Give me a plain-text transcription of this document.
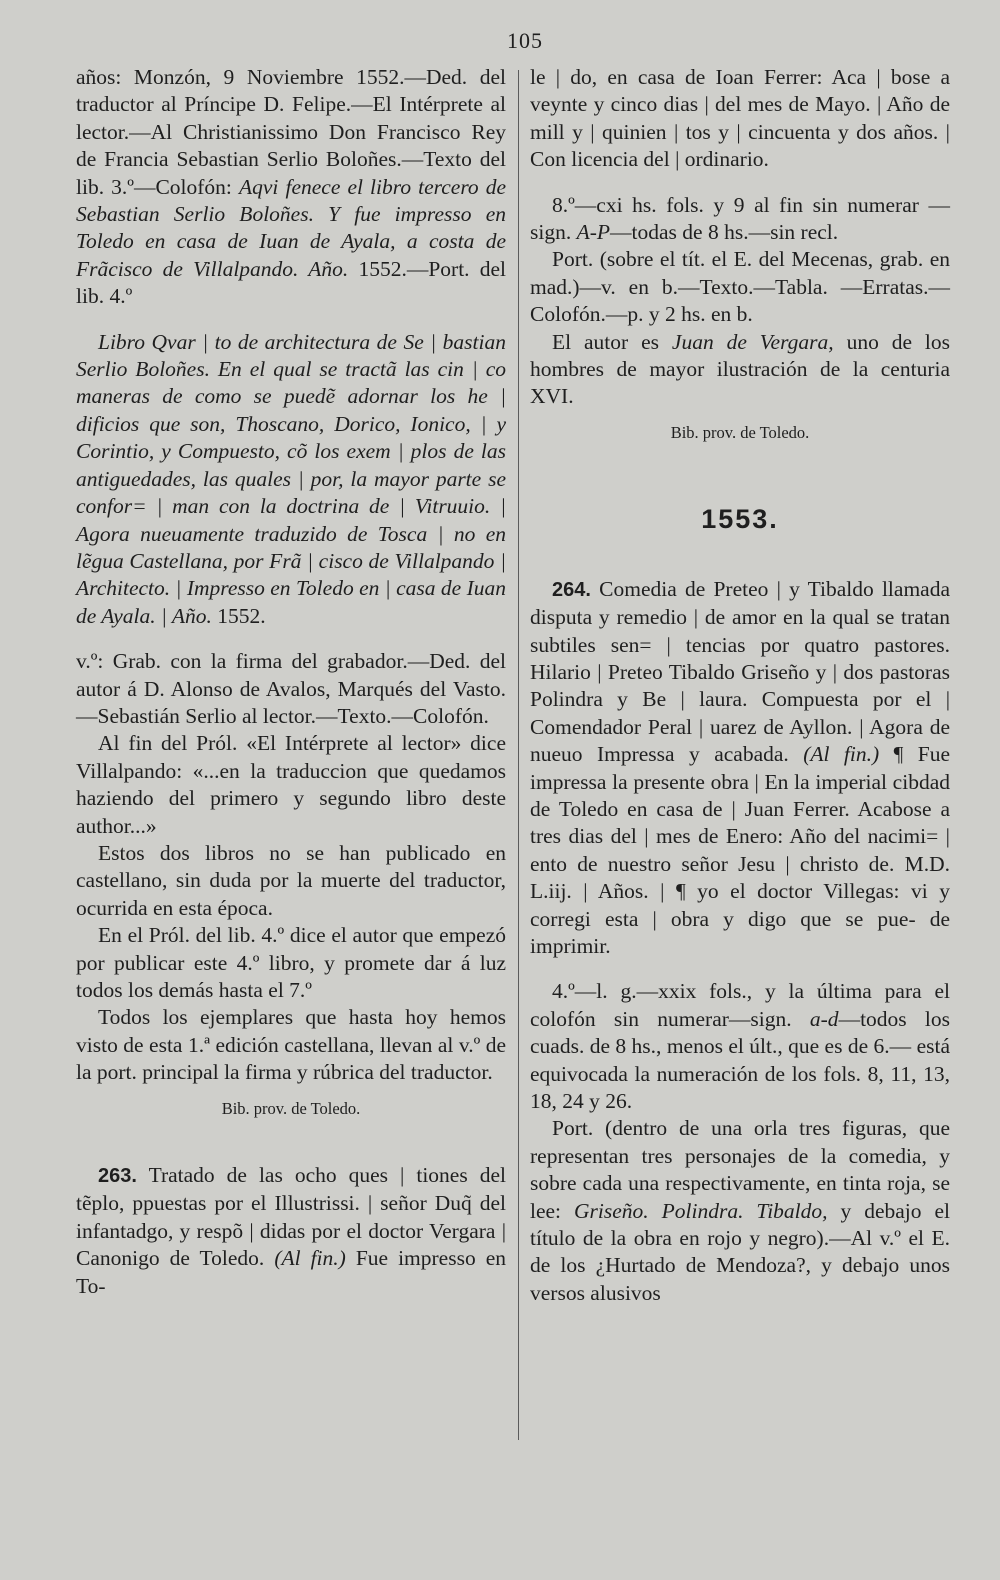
105

años: Monzón, 9 Noviembre 1552.—Ded. del traductor al Príncipe D. Felipe.—El Intérprete al lector.—Al Christianissimo Don Francisco Rey de Francia Sebastian Serlio Boloñes.—Texto del lib. 3.º—Colofón: Aqvi fenece el libro tercero de Sebastian Serlio Boloñes. Y fue impresso en Toledo en casa de Iuan de Ayala, a costa de Frãcisco de Villalpando. Año. 1552.—Port. del lib. 4.º

Libro Qvar | to de architectura de Se | bastian Serlio Boloñes. En el qual se tractã las cin | co maneras de como se puedẽ adornar los he | dificios que son, Thoscano, Dorico, Ionico, | y Corintio, y Compuesto, cõ los exem | plos de las antiguedades, las quales | por, la mayor parte se confor= | man con la doctrina de | Vitruuio. | Agora nueuamente traduzido de Tosca | no en lẽgua Castellana, por Frã | cisco de Villalpando | Architecto. | Impresso en Toledo en | casa de Iuan de Ayala. | Año. 1552.

v.º: Grab. con la firma del grabador.—Ded. del autor á D. Alonso de Avalos, Marqués del Vasto.—Sebastián Serlio al lector.—Texto.—Colofón.

Al fin del Pról. «El Intérprete al lector» dice Villalpando: «...en la traduccion que quedamos haziendo del primero y segundo libro deste author...»

Estos dos libros no se han publicado en castellano, sin duda por la muerte del traductor, ocurrida en esta época.

En el Pról. del lib. 4.º dice el autor que empezó por publicar este 4.º libro, y promete dar á luz todos los demás hasta el 7.º

Todos los ejemplares que hasta hoy hemos visto de esta 1.ª edición castellana, llevan al v.º de la port. principal la firma y rúbrica del traductor.

Bib. prov. de Toledo.

263. Tratado de las ocho ques | tiones del tẽplo, ppuestas por el Illustrissi. | señor Duq̃ del infantadgo, y respõ | didas por el doctor Vergara | Canonigo de Toledo. (Al fin.) Fue impresso en To-

le | do, en casa de Ioan Ferrer: Aca | bose a veynte y cinco dias | del mes de Mayo. | Año de mill y | quinien | tos y | cincuenta y dos años. | Con licencia del | ordinario.

8.º—cxi hs. fols. y 9 al fin sin numerar —sign. A-P—todas de 8 hs.—sin recl.

Port. (sobre el tít. el E. del Mecenas, grab. en mad.)—v. en b.—Texto.—Tabla. —Erratas.—Colofón.—p. y 2 hs. en b.

El autor es Juan de Vergara, uno de los hombres de mayor ilustración de la centuria XVI.

Bib. prov. de Toledo.

1553.

264. Comedia de Preteo | y Tibaldo llamada disputa y remedio | de amor en la qual se tratan subtiles sen= | tencias por quatro pastores. Hilario | Preteo Tibaldo Griseño y | dos pastoras Polindra y Be | laura. Compuesta por el | Comendador Peral | uarez de Ayllon. | Agora de nueuo Impressa y acabada. (Al fin.) ¶ Fue impressa la presente obra | En la imperial cibdad de Toledo en casa de | Juan Ferrer. Acabose a tres dias del | mes de Enero: Año del nacimi= | ento de nuestro señor Jesu | christo de. M.D. L.iij. | Años. | ¶ yo el doctor Villegas: vi y corregi esta | obra y digo que se pue- de imprimir.

4.º—l. g.—xxix fols., y la última para el colofón sin numerar—sign. a-d—todos los cuads. de 8 hs., menos el últ., que es de 6.— está equivocada la numeración de los fols. 8, 11, 13, 18, 24 y 26.

Port. (dentro de una orla tres figuras, que representan tres personajes de la comedia, y sobre cada una respectivamente, en tinta roja, se lee: Griseño. Polindra. Tibaldo, y debajo el título de la obra en rojo y negro).—Al v.º el E. de los ¿Hurtado de Mendoza?, y debajo unos versos alusivos
